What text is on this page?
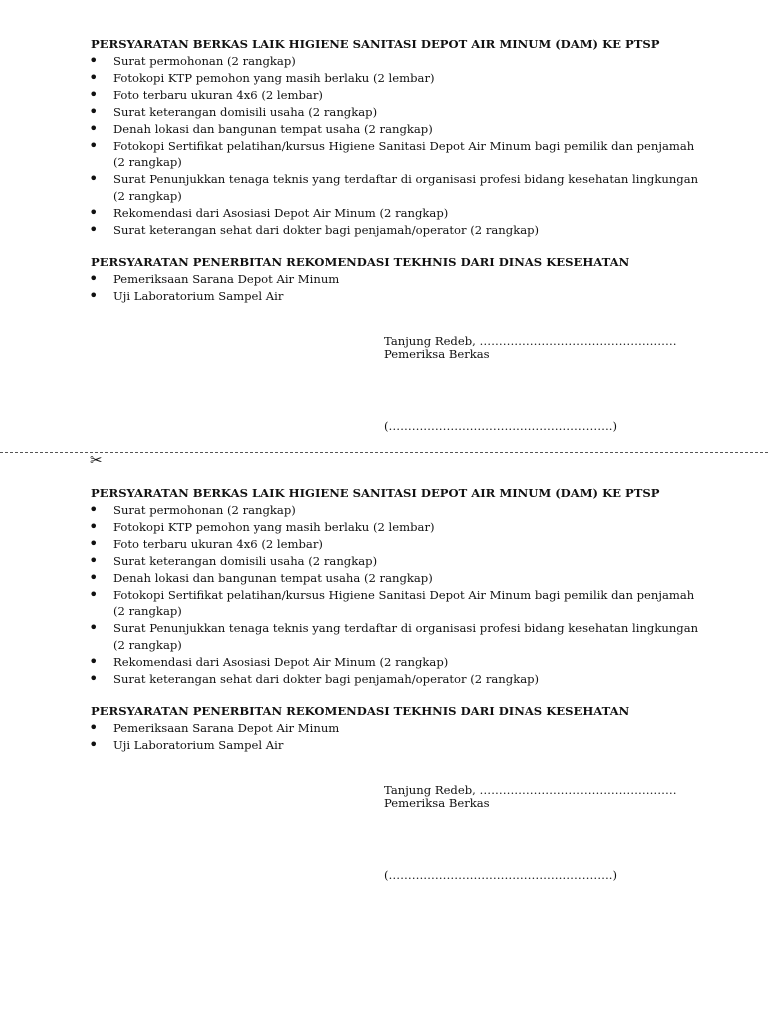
PERSYARATAN BERKAS LAIK HIGIENE SANITASI DEPOT AIR MINUM (DAM) KE PTSP
• Surat permohonan (2 rangkap)
• Fotokopi KTP pemohon yang masih berlaku (2 lembar)
• Foto terbaru ukuran 4x6 (2 lembar)
• Surat keterangan domisili usaha (2 rangkap)
• Denah lokasi dan bangunan tempat usaha (2 rangkap)
• Fotokopi Sertifikat pelatihan/kursus Higiene Sanitasi Depot Air Minum bagi pemilik dan penjamah (2 rangkap)
• Surat Penunjukkan tenaga teknis yang terdaftar di organisasi profesi bidang kesehatan lingkungan (2 rangkap)
• Rekomendasi dari Asosiasi Depot Air Minum (2 rangkap)
• Surat keterangan sehat dari dokter bagi penjamah/operator (2 rangkap)
PERSYARATAN PENERBITAN REKOMENDASI TEKHNIS DARI DINAS KESEHATAN
• Pemeriksaan Sarana Depot Air Minum
• Uji Laboratorium Sampel Air
Tanjung Redeb, ……………………………………………
Pemeriksa Berkas
(………………………………………………….)
✂
PERSYARATAN BERKAS LAIK HIGIENE SANITASI DEPOT AIR MINUM (DAM) KE PTSP
• Surat permohonan (2 rangkap)
• Fotokopi KTP pemohon yang masih berlaku (2 lembar)
• Foto terbaru ukuran 4x6 (2 lembar)
• Surat keterangan domisili usaha (2 rangkap)
• Denah lokasi dan bangunan tempat usaha (2 rangkap)
• Fotokopi Sertifikat pelatihan/kursus Higiene Sanitasi Depot Air Minum bagi pemilik dan penjamah (2 rangkap)
• Surat Penunjukkan tenaga teknis yang terdaftar di organisasi profesi bidang kesehatan lingkungan (2 rangkap)
• Rekomendasi dari Asosiasi Depot Air Minum (2 rangkap)
• Surat keterangan sehat dari dokter bagi penjamah/operator (2 rangkap)
PERSYARATAN PENERBITAN REKOMENDASI TEKHNIS DARI DINAS KESEHATAN
• Pemeriksaan Sarana Depot Air Minum
• Uji Laboratorium Sampel Air
Tanjung Redeb, ……………………………………………
Pemeriksa Berkas
(………………………………………………….)
